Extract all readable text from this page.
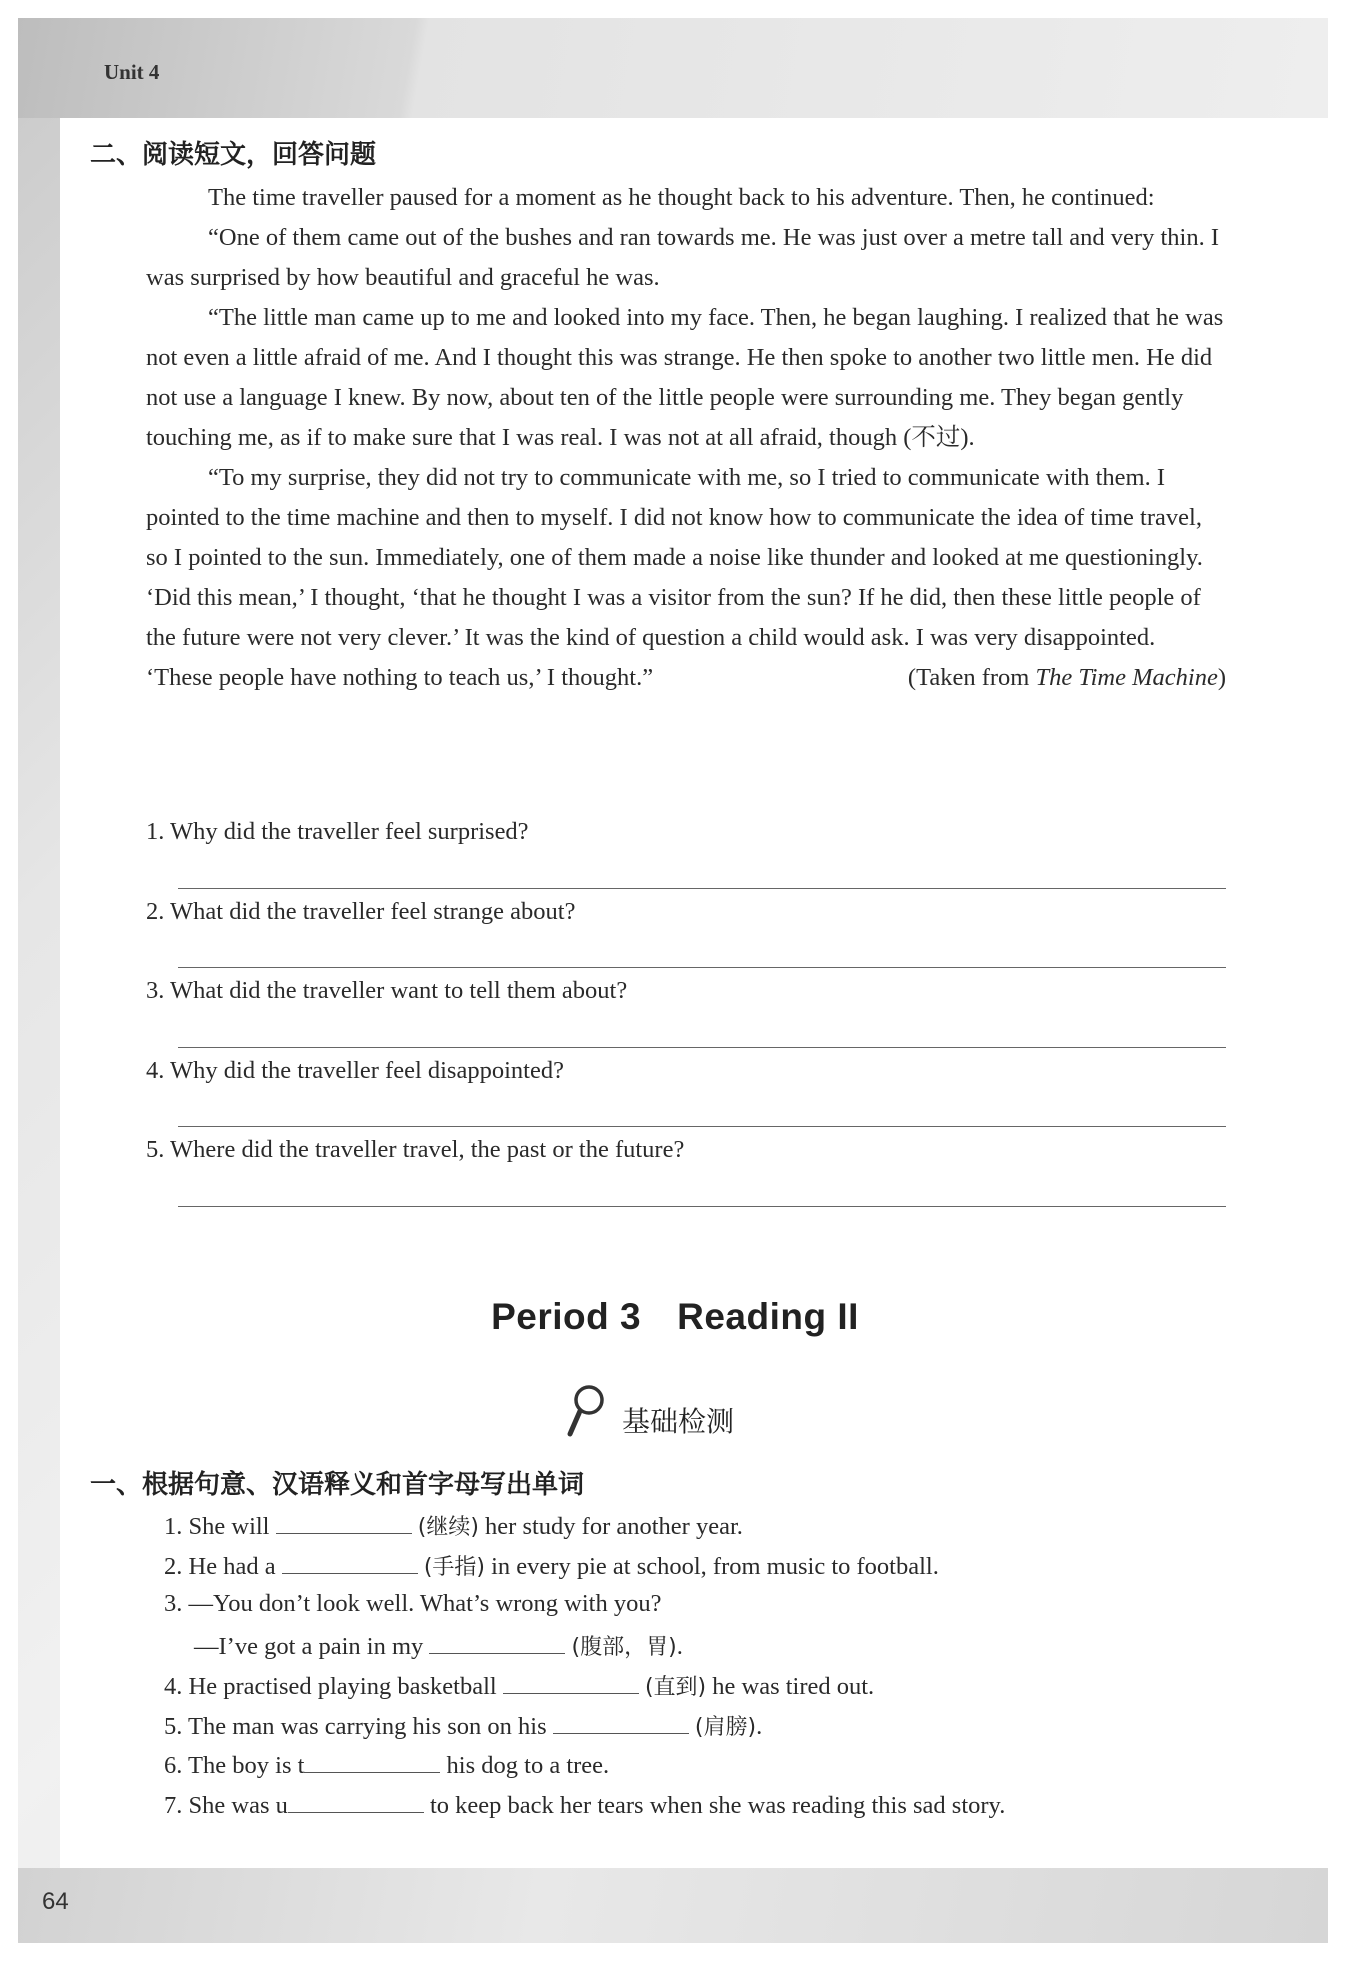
Unit 4
二、阅读短文，回答问题

The time traveller paused for a moment as he thought back to his adventure. Then, he continued:

“One of them came out of the bushes and ran towards me. He was just over a metre tall and very thin. I was surprised by how beautiful and graceful he was.

“The little man came up to me and looked into my face. Then, he began laughing. I realized that he was not even a little afraid of me. And I thought this was strange. He then spoke to another two little men. He did not use a language I knew. By now, about ten of the little people were surrounding me. They began gently touching me, as if to make sure that I was real. I was not at all afraid, though (不过).

“To my surprise, they did not try to communicate with me, so I tried to communicate with them. I pointed to the time machine and then to myself. I did not know how to communicate the idea of time travel, so I pointed to the sun. Immediately, one of them made a noise like thunder and looked at me questioningly. ‘Did this mean,’ I thought, ‘that he thought I was a visitor from the sun? If he did, then these little people of the future were not very clever.’ It was the kind of question a child would ask. I was very disappointed. ‘These people have nothing to teach us,’ I thought.”	(Taken from The Time Machine)

1. Why did the traveller feel surprised?
2. What did the traveller feel strange about?
3. What did the traveller want to tell them about?
4. Why did the traveller feel disappointed?
5. Where did the traveller travel, the past or the future?
Period 3 Reading II
基础检测
一、根据句意、汉语释义和首字母写出单词
1. She will	(继续) her study for another year.
2. He had a	(手指) in every pie at school, from music to football.
3. —You don’t look well. What’s wrong with you?
—I’ve got a pain in my	(腹部，胃).
4. He practised playing basketball	(直到) he was tired out.
5. The man was carrying his son on his	(肩膀).
6. The boy is t	his dog to a tree.
7. She was u	to keep back her tears when she was reading this sad story.
64
